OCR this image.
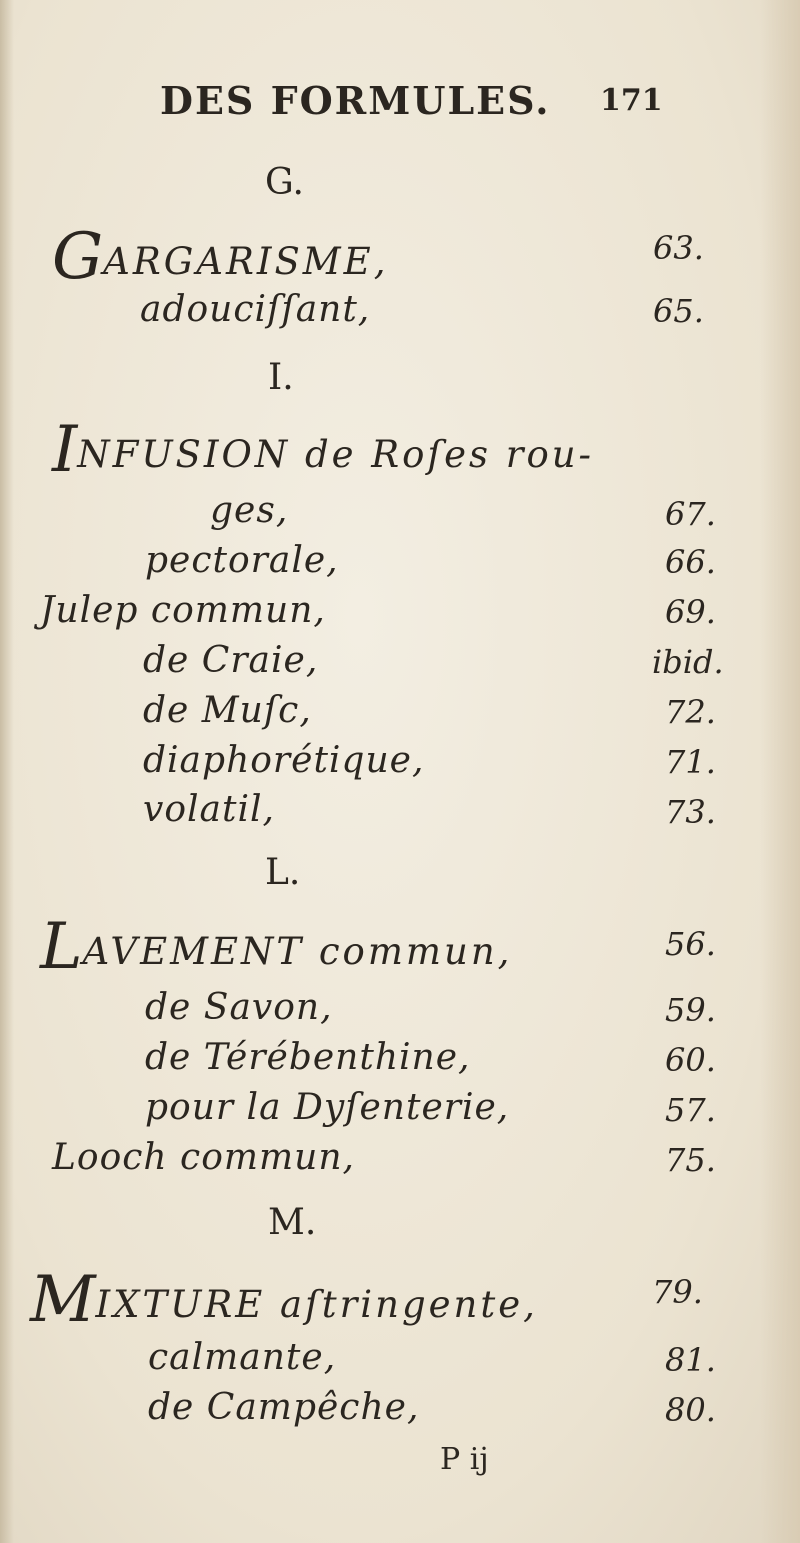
DES FORMULES. 171
G.
GARGARISME,	63.
adouciſſant,	65.
I.
INFUSION de Roſes rou-
ges,	67.
pectorale,	66.
Julep commun,	69.
de Craie,	ibid.
de Muſc,	72.
diaphorétique,	71.
volatil,	73.
L.
LAVEMENT commun,	56.
de Savon,	59.
de Térébenthine,	60.
pour la Dyſenterie,	57.
Looch commun,	75.
M.
MIXTURE aſtringente,	79.
calmante,	81.
de Campêche,	80.
P ij
